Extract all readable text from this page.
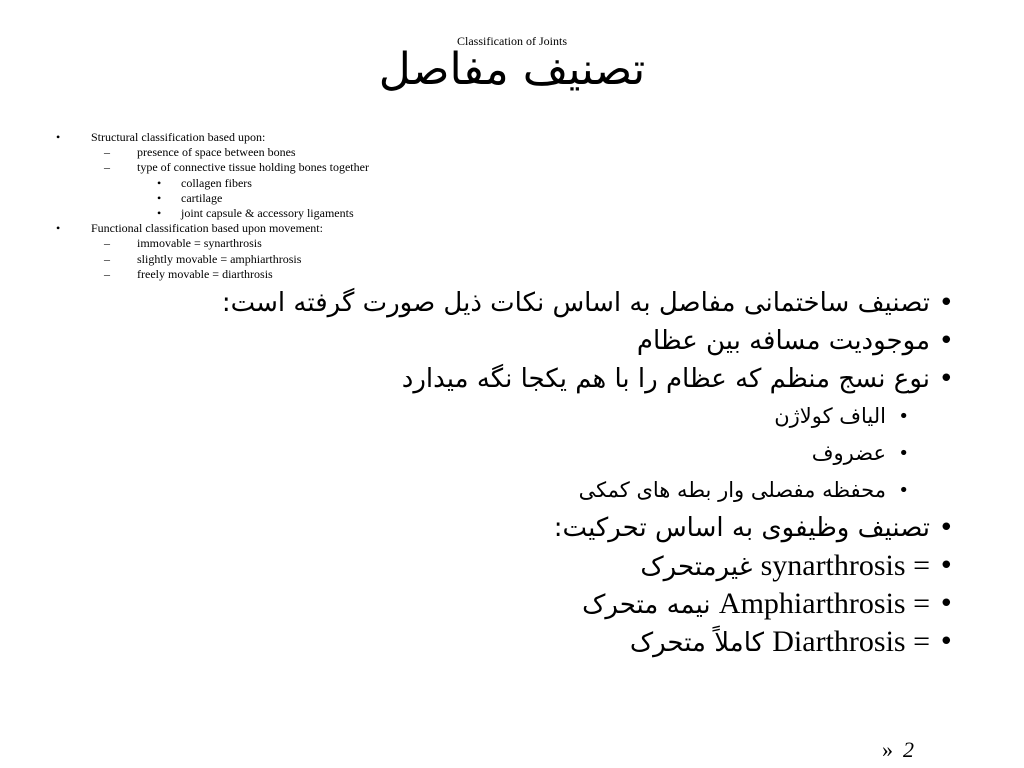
Classification of Joints
تصنیف مفاصل
•	Structural classification based upon:
– presence of space between bones
– type of connective tissue holding bones together
• collagen fibers
• cartilage
• joint capsule & accessory ligaments
•	Functional classification based upon movement:
– immovable = synarthrosis
– slightly movable = amphiarthrosis
– freely movable = diarthrosis
•
تصنیف ساختمانی مفاصل به اساس نکات ذیل صورت گرفته است:
•
موجودیت مسافه بین عظام
•
نوع نسج منظم که عظام را با هم یکجا نگه میدارد
•
الیاف کولاژن
•
عضروف
•
محفظه مفصلی وار بطه های کمکی
•
تصنیف وظیفوی به اساس تحرکیت:
•
غیرمتحرک synarthrosis =
•
نیمه متحرک Amphiarthrosis =
•
کاملاً متحرک Diarthrosis =
» 2
